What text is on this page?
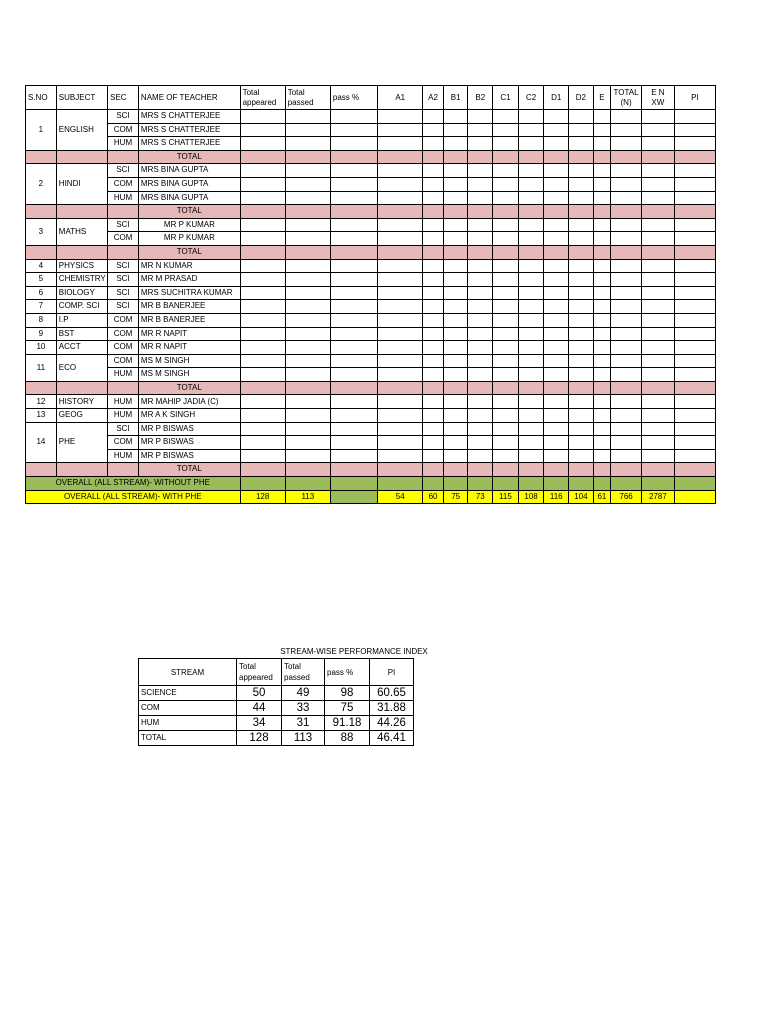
S.NO	SUBJECT	SEC	NAME OF TEACHER	Total appeared	Total passed	pass %	A1	A2	B1	B2	C1	C2	D1	D2	E	TOTAL (N)	E N XW	PI
1	ENGLISH	SCI	MRS S CHATTERJEE															
		COM	MRS S CHATTERJEE															
		HUM	MRS S CHATTERJEE															
			TOTAL															
2	HINDI	SCI	MRS BINA GUPTA															
		COM	MRS BINA GUPTA															
		HUM	MRS BINA GUPTA															
			TOTAL															
3	MATHS	SCI	MR P KUMAR															
		COM	MR P KUMAR															
			TOTAL															
4	PHYSICS	SCI	MR N KUMAR															
5	CHEMISTRY	SCI	MR M PRASAD															
6	BIOLOGY	SCI	MRS SUCHITRA KUMAR															
7	COMP. SCI	SCI	MR B BANERJEE															
8	I.P	COM	MR B BANERJEE															
9	BST	COM	MR R NAPIT															
10	ACCT	COM	MR R NAPIT															
11	ECO	COM	MS M SINGH															
		HUM	MS M SINGH															
			TOTAL															
12	HISTORY	HUM	MR MAHIP JADIA (C)															
13	GEOG	HUM	MR A K SINGH															
14	PHE	SCI	MR P BISWAS															
		COM	MR P BISWAS															
		HUM	MR P BISWAS															
			TOTAL															
OVERALL (ALL STREAM)- WITHOUT PHE																		
OVERALL (ALL STREAM)- WITH PHE				128	113		54	60	75	73	115	108	116	104	61	766	2787	
STREAM-WISE PERFORMANCE INDEX
STREAM	Total appeared	Total passed	pass %	PI
SCIENCE	50	49	98	60.65
COM	44	33	75	31.88
HUM	34	31	91.18	44.26
TOTAL	128	113	88	46.41
